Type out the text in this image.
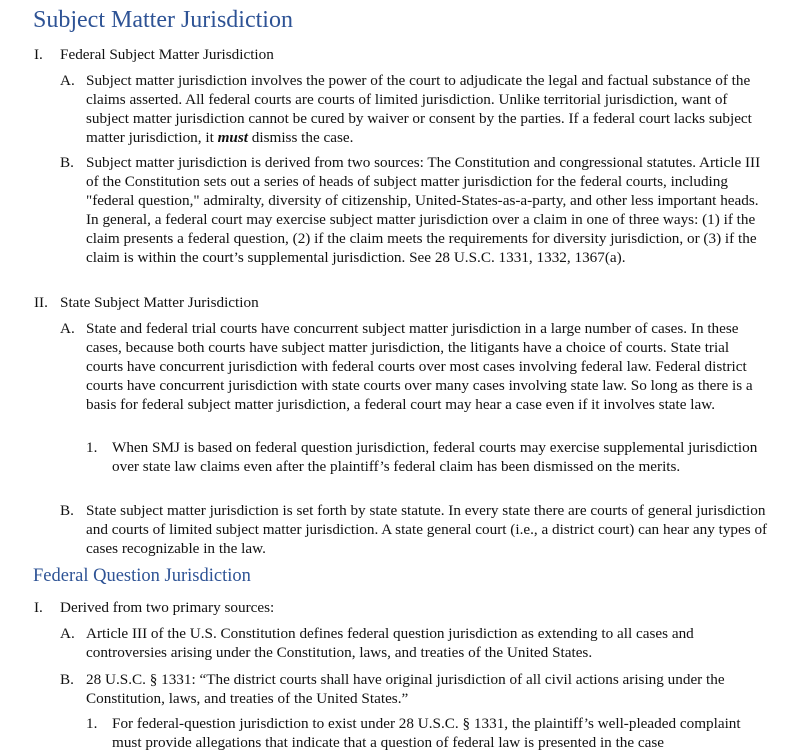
Subject Matter Jurisdiction
I. Federal Subject Matter Jurisdiction
A. Subject matter jurisdiction involves the power of the court to adjudicate the legal and factual substance of the claims asserted. All federal courts are courts of limited jurisdiction. Unlike territorial jurisdiction, want of subject matter jurisdiction cannot be cured by waiver or consent by the parties. If a federal court lacks subject matter jurisdiction, it must dismiss the case.
B. Subject matter jurisdiction is derived from two sources: The Constitution and congressional statutes. Article III of the Constitution sets out a series of heads of subject matter jurisdiction for the federal courts, including "federal question," admiralty, diversity of citizenship, United-States-as-a-party, and other less important heads. In general, a federal court may exercise subject matter jurisdiction over a claim in one of three ways: (1) if the claim presents a federal question, (2) if the claim meets the requirements for diversity jurisdiction, or (3) if the claim is within the court’s supplemental jurisdiction. See 28 U.S.C. 1331, 1332, 1367(a).
II. State Subject Matter Jurisdiction
A. State and federal trial courts have concurrent subject matter jurisdiction in a large number of cases. In these cases, because both courts have subject matter jurisdiction, the litigants have a choice of courts. State trial courts have concurrent jurisdiction with federal courts over most cases involving federal law. Federal district courts have concurrent jurisdiction with state courts over many cases involving state law. So long as there is a basis for federal subject matter jurisdiction, a federal court may hear a case even if it involves state law.
1. When SMJ is based on federal question jurisdiction, federal courts may exercise supplemental jurisdiction over state law claims even after the plaintiff’s federal claim has been dismissed on the merits.
B. State subject matter jurisdiction is set forth by state statute. In every state there are courts of general jurisdiction and courts of limited subject matter jurisdiction. A state general court (i.e., a district court) can hear any types of cases recognizable in the law.
Federal Question Jurisdiction
I. Derived from two primary sources:
A. Article III of the U.S. Constitution defines federal question jurisdiction as extending to all cases and controversies arising under the Constitution, laws, and treaties of the United States.
B. 28 U.S.C. § 1331: “The district courts shall have original jurisdiction of all civil actions arising under the Constitution, laws, and treaties of the United States.”
1. For federal-question jurisdiction to exist under 28 U.S.C. § 1331, the plaintiff’s well-pleaded complaint must provide allegations that indicate that a question of federal law is presented in the case
